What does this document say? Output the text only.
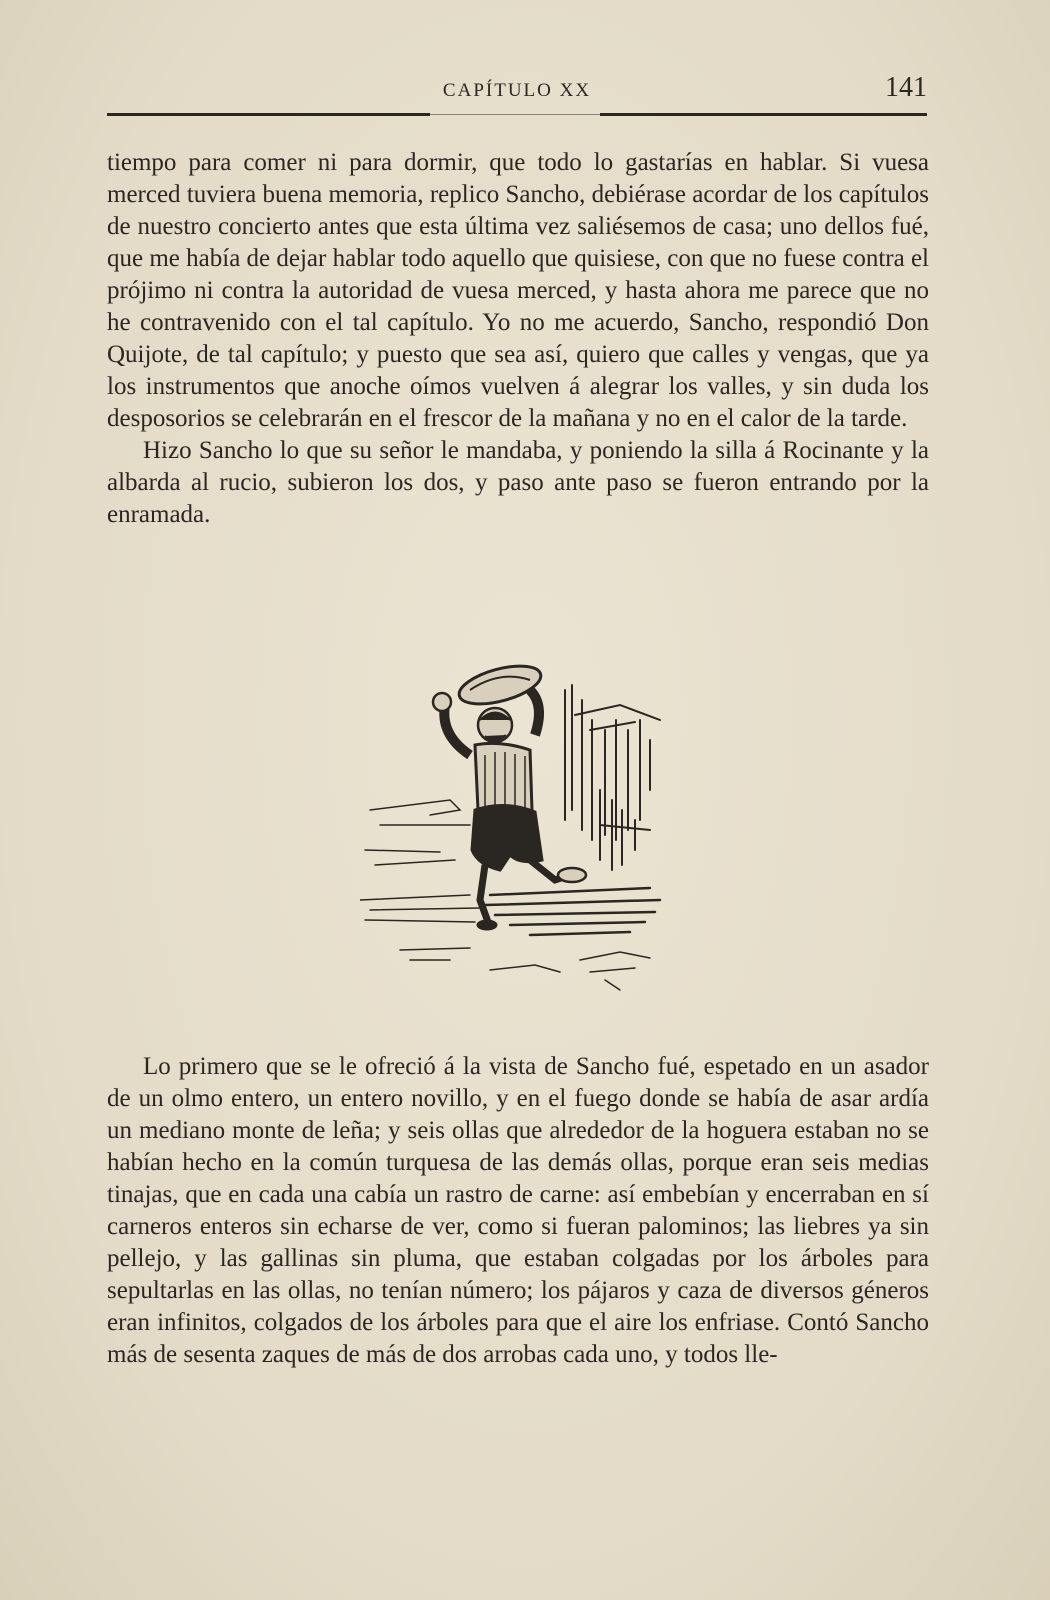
CAPÍTULO XX	141

tiempo para comer ni para dormir, que todo lo gastarías en hablar. Si vuesa merced tuviera buena memoria, replico Sancho, debiérase acordar de los capítulos de nuestro concierto antes que esta última vez saliésemos de casa; uno dellos fué, que me había de dejar hablar todo aquello que quisiese, con que no fuese contra el prójimo ni contra la autoridad de vuesa merced, y hasta ahora me parece que no he contravenido con el tal capítulo. Yo no me acuerdo, Sancho, respondió Don Quijote, de tal capítulo; y puesto que sea así, quiero que calles y vengas, que ya los instrumentos que anoche oímos vuelven á alegrar los valles, y sin duda los desposorios se celebrarán en el frescor de la mañana y no en el calor de la tarde.

Hizo Sancho lo que su señor le mandaba, y poniendo la silla á Rocinante y la albarda al rucio, subieron los dos, y paso ante paso se fueron entrando por la enramada.

Lo primero que se le ofreció á la vista de Sancho fué, espetado en un asador de un olmo entero, un entero novillo, y en el fuego donde se había de asar ardía un mediano monte de leña; y seis ollas que alrededor de la hoguera estaban no se habían hecho en la común turquesa de las demás ollas, porque eran seis medias tinajas, que en cada una cabía un rastro de carne: así embebían y encerraban en sí carneros enteros sin echarse de ver, como si fueran palominos; las liebres ya sin pellejo, y las gallinas sin pluma, que estaban colgadas por los árboles para sepultarlas en las ollas, no tenían número; los pájaros y caza de diversos géneros eran infinitos, colgados de los árboles para que el aire los enfriase. Contó Sancho más de sesenta zaques de más de dos arrobas cada uno, y todos lle-
